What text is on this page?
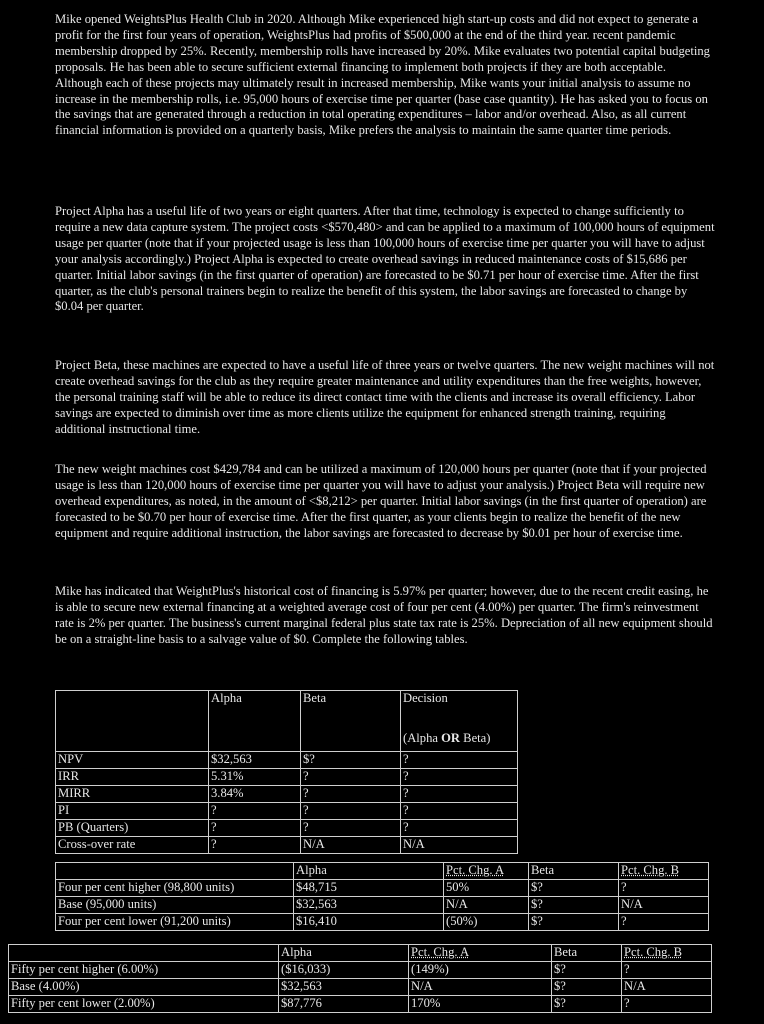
Mike opened WeightsPlus Health Club in 2020. Although Mike experienced high start-up costs and did not expect to generate a profit for the first four years of operation, WeightsPlus had profits of $500,000 at the end of the third year. recent pandemic membership dropped by 25%. Recently, membership rolls have increased by 20%. Mike evaluates two potential capital budgeting proposals. He has been able to secure sufficient external financing to implement both projects if they are both acceptable. Although each of these projects may ultimately result in increased membership, Mike wants your initial analysis to assume no increase in the membership rolls, i.e. 95,000 hours of exercise time per quarter (base case quantity). He has asked you to focus on the savings that are generated through a reduction in total operating expenditures – labor and/or overhead. Also, as all current financial information is provided on a quarterly basis, Mike prefers the analysis to maintain the same quarter time periods.

Project Alpha has a useful life of two years or eight quarters. After that time, technology is expected to change sufficiently to require a new data capture system. The project costs <$570,480> and can be applied to a maximum of 100,000 hours of equipment usage per quarter (note that if your projected usage is less than 100,000 hours of exercise time per quarter you will have to adjust your analysis accordingly.) Project Alpha is expected to create overhead savings in reduced maintenance costs of $15,686 per quarter. Initial labor savings (in the first quarter of operation) are forecasted to be $0.71 per hour of exercise time. After the first quarter, as the club's personal trainers begin to realize the benefit of this system, the labor savings are forecasted to change by $0.04 per quarter.

Project Beta, these machines are expected to have a useful life of three years or twelve quarters. The new weight machines will not create overhead savings for the club as they require greater maintenance and utility expenditures than the free weights, however, the personal training staff will be able to reduce its direct contact time with the clients and increase its overall efficiency. Labor savings are expected to diminish over time as more clients utilize the equipment for enhanced strength training, requiring additional instructional time.

The new weight machines cost $429,784 and can be utilized a maximum of 120,000 hours per quarter (note that if your projected usage is less than 120,000 hours of exercise time per quarter you will have to adjust your analysis.) Project Beta will require new overhead expenditures, as noted, in the amount of <$8,212> per quarter. Initial labor savings (in the first quarter of operation) are forecasted to be $0.70 per hour of exercise time. After the first quarter, as your clients begin to realize the benefit of the new equipment and require additional instruction, the labor savings are forecasted to decrease by $0.01 per hour of exercise time.

Mike has indicated that WeightPlus's historical cost of financing is 5.97% per quarter; however, due to the recent credit easing, he is able to secure new external financing at a weighted average cost of four per cent (4.00%) per quarter. The firm's reinvestment rate is 2% per quarter. The business's current marginal federal plus state tax rate is 25%. Depreciation of all new equipment should be on a straight-line basis to a salvage value of $0. Complete the following tables.

	Alpha	Beta	Decision
(Alpha OR Beta)

NPV	$32,563	$?	?
IRR	5.31%	?	?
MIRR	3.84%	?	?
PI	?	?	?
PB (Quarters)	?	?	?
Cross-over rate	?	N/A	N/A
	Alpha	Pct. Chg. A	Beta	Pct. Chg. B
Four per cent higher (98,800 units)	$48,715	50%	$?	?
Base (95,000 units)	$32,563	N/A	$?	N/A
Four per cent lower (91,200 units)	$16,410	(50%)	$?	?
	Alpha	Pct. Chg. A	Beta	Pct. Chg. B
Fifty per cent higher (6.00%)	($16,033)	(149%)	$?	?
Base (4.00%)	$32,563	N/A	$?	N/A
Fifty per cent lower (2.00%)	$87,776	170%	$?	?
